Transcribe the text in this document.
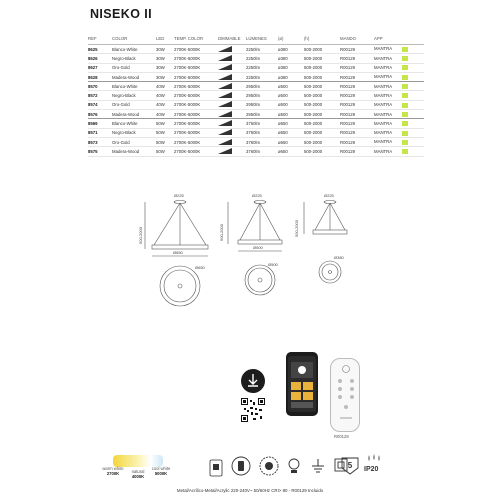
NISEKO II
REF	COLOR	LED	TEMP. COLOR	DIMMABLE	LÚMENES	(ø)	(h)	MANDO	APP
8625	Blanco-White	30W	2700K-5000K		2250lm	ø380	500-2000	R00129	MANTRA
8626	Negro-Black	30W	2700K-5000K		2250lm	ø380	500-2000	R00129	MANTRA
8627	Oro-Gold	30W	2700K-5000K		2250lm	ø380	500-2000	R00129	MANTRA
8628	Madera-Wood	30W	2700K-5000K		2250lm	ø380	500-2000	R00129	MANTRA
8570	Blanco-White	40W	2700K-5000K		2950lm	ø500	500-2000	R00129	MANTRA
8572	Negro-Black	40W	2700K-5000K		2950lm	ø500	500-2000	R00129	MANTRA
8574	Oro-Gold	40W	2700K-5000K		2950lm	ø500	500-2000	R00129	MANTRA
8576	Madera-Wood	40W	2700K-5000K		2950lm	ø500	500-2000	R00129	MANTRA
8569	Blanco-White	50W	2700K-5000K		3760lm	ø650	500-2000	R00129	MANTRA
8571	Negro-Black	50W	2700K-5000K		3760lm	ø650	500-2000	R00129	MANTRA
8573	Oro-Gold	50W	2700K-5000K		3760lm	ø650	500-2000	R00129	MANTRA
8575	Madera-Wood	50W	2700K-5000K		3760lm	ø650	500-2000	R00129	MANTRA
Ø225
500-2000
Ø650
Ø650
Ø225
500-2000
Ø500
Ø500
Ø225
500-2000
Ø380
R00129
warm white
2700K	natural
4000K
cool white
5000K
5 IP20
Metal/Acrílico-Metal/Acrylic 220-240V~ 50/60Hz CRI> 80 - R00129 Incluido
